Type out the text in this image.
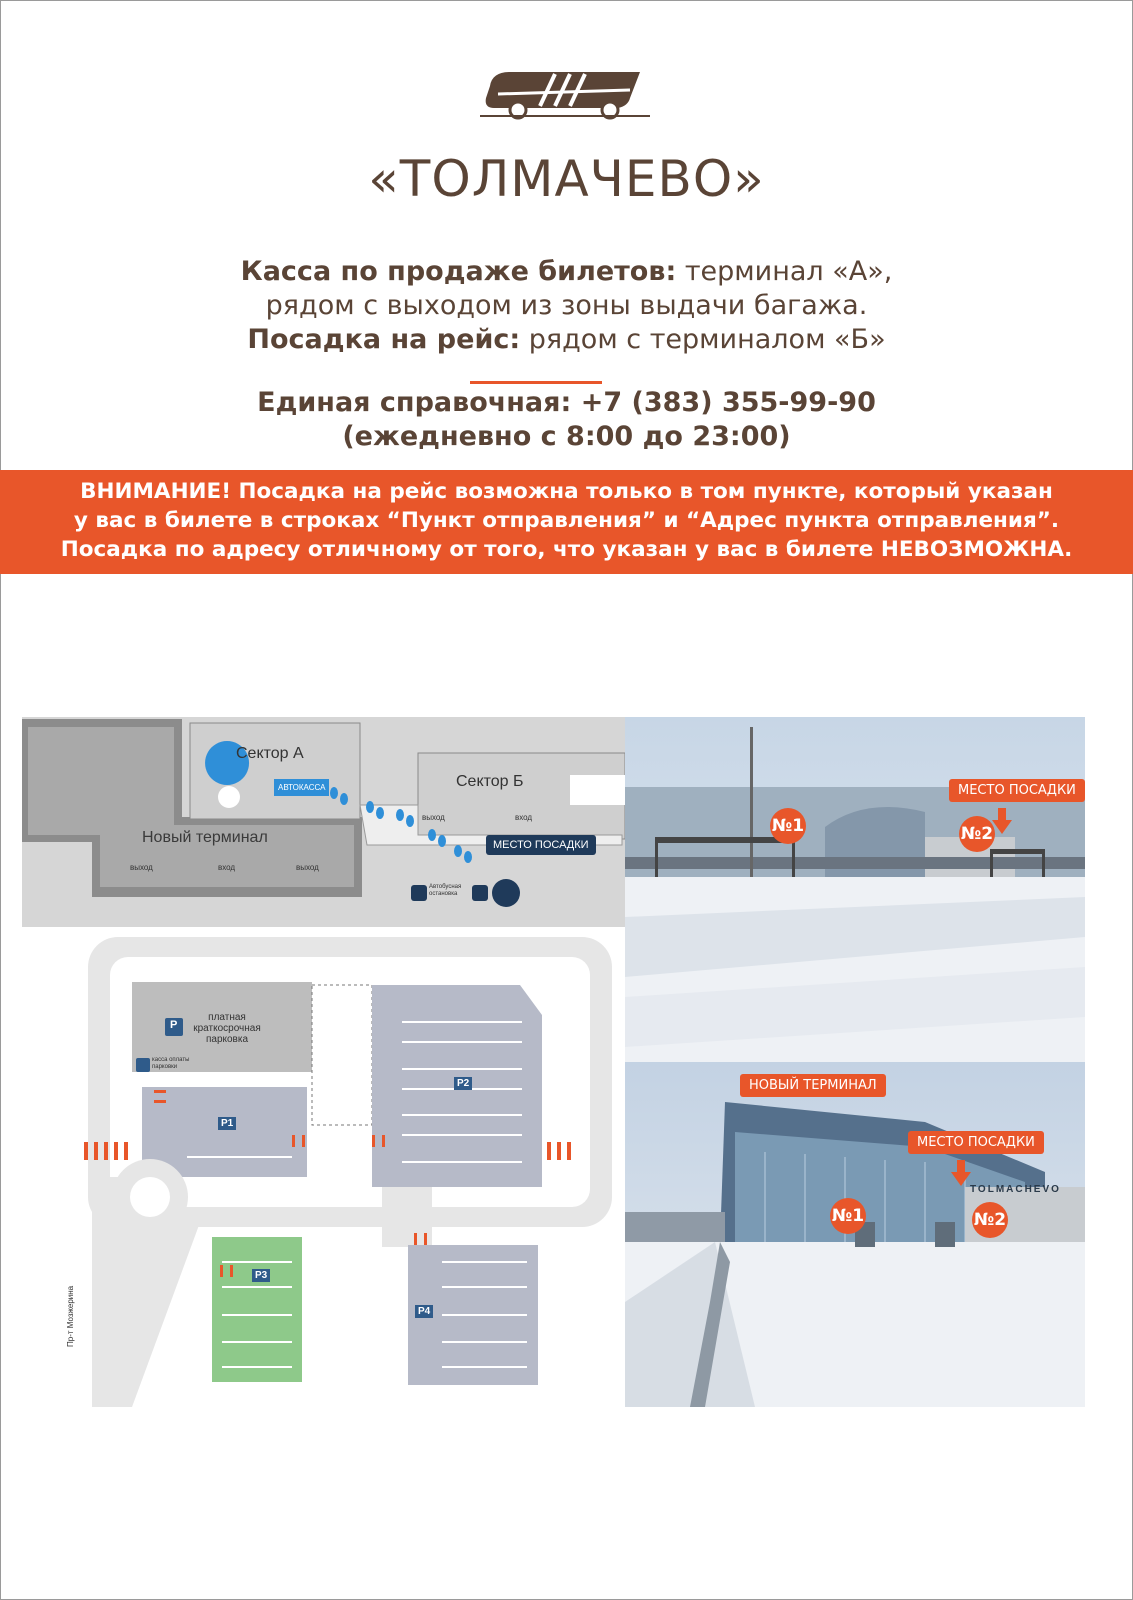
«ТОЛМАЧЕВО»
Касса по продаже билетов: терминал «А»,
рядом с выходом из зоны выдачи багажа.
Посадка на рейс: рядом с терминалом «Б»
Единая справочная: +7 (383) 355-99-90
(ежедневно с 8:00 до 23:00)
ВНИМАНИЕ! Посадка на рейс возможна только в том пункте, который указан
у вас в билете в строках “Пункт отправления” и “Адрес пункта отправления”.
Посадка по адресу отличному от того, что указан у вас в билете НЕВОЗМОЖНА.
Сектор А
Сектор Б
Новый терминал
АВТОКАССА
МЕСТО ПОСАДКИ
выход	вход	выход
выход	вход
Автобусная остановка
платная краткосрочная парковка
P
касса оплаты парковки
P1
P2
P3
P4
Пр-т Мозжерина
МЕСТО ПОСАДКИ
№1	№2
TOLMACHEVO
НОВЫЙ ТЕРМИНАЛ
МЕСТО ПОСАДКИ
№1	№2
